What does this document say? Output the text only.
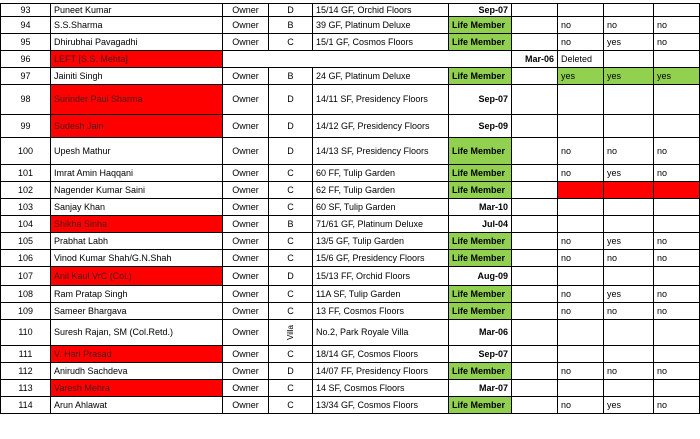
93	Puneet Kumar	Owner	D	15/14 GF, Orchid Floors	Sep-07					
94	S.S.Sharma	Owner	B	39 GF, Platinum Deluxe	Life Member		no	no	no	
95	Dhirubhai Pavagadhi	Owner	C	15/1 GF, Cosmos Floors	Life Member		no	yes	no	
96	LEFT [S.S. Mehta]					Mar-06	Deleted			
97	Jainiti Singh	Owner	B	24 GF, Platinum Deluxe	Life Member		yes	yes	yes	
98	Surinder Paul Sharma	Owner	D	14/11 SF, Presidency Floors	Sep-07					
99	Sudesh Jain	Owner	D	14/12 GF, Presidency Floors	Sep-09					
100	Upesh Mathur	Owner	D	14/13 SF, Presidency Floors	Life Member		no	no	no	
101	Imrat Amin Haqqani	Owner	C	60 FF, Tulip Garden	Life Member		no	yes	no	
102	Nagender Kumar Saini	Owner	C	62 FF, Tulip Garden	Life Member					
103	Sanjay Khan	Owner	C	60 SF, Tulip Garden	Mar-10					
104	Shikha Sinha	Owner	B	71/61 GF, Platinum Deluxe	Jul-04					
105	Prabhat Labh	Owner	C	13/5 GF, Tulip Garden	Life Member		no	yes	no	
106	Vinod Kumar Shah/G.N.Shah	Owner	C	15/6 GF, Presidency Floors	Life Member		no	no	no	
107	Anil Kaul VrC (Col.)	Owner	D	15/13 FF, Orchid Floors	Aug-09					
108	Ram Pratap Singh	Owner	C	11A SF, Tulip Garden	Life Member		no	yes	no	
109	Sameer Bhargava	Owner	C	13 FF, Cosmos Floors	Life Member		no	no	no	
110	Suresh Rajan, SM (Col.Retd.)	Owner	Villa	No.2, Park Royale Villa	Mar-06					
111	V. Hari Prasad	Owner	C	18/14 GF, Cosmos Floors	Sep-07					
112	Anirudh Sachdeva	Owner	D	14/07 FF, Presidency Floors	Life Member		no	no	no	
113	Varesh Mehra	Owner	C	14 SF, Cosmos Floors	Mar-07					
114	Arun Ahlawat	Owner	C	13/34 GF, Cosmos Floors	Life Member		no	yes	no	
